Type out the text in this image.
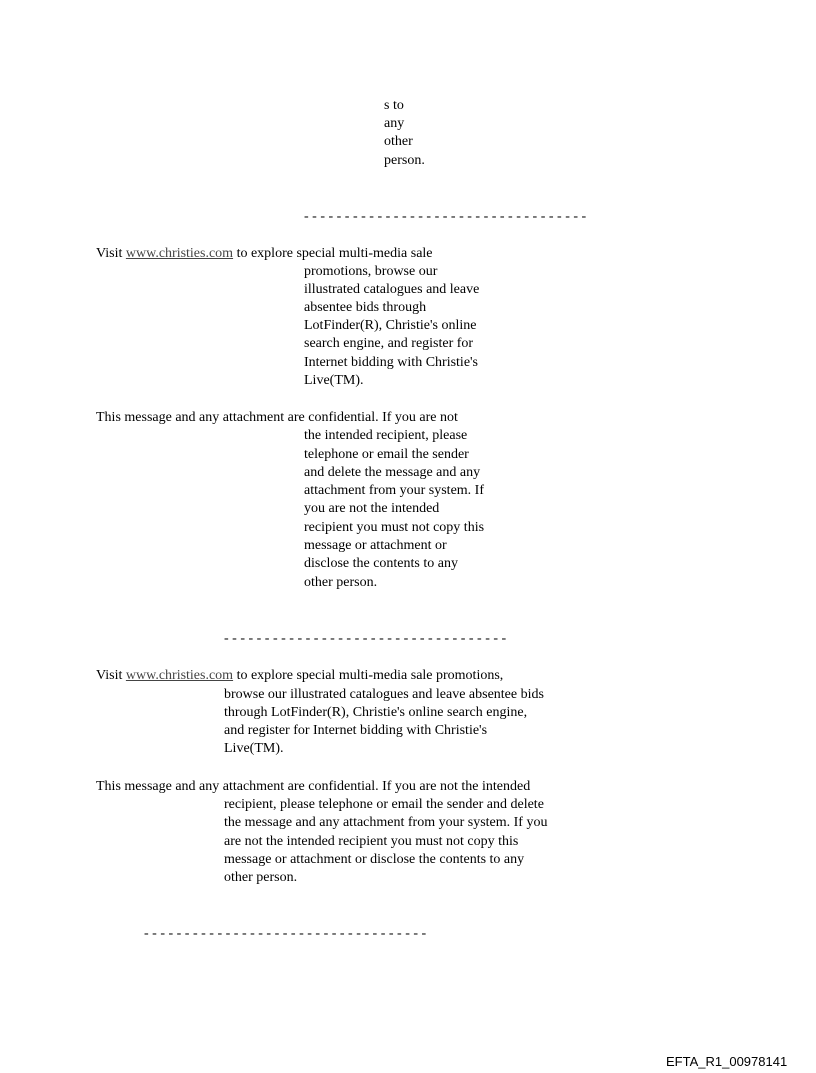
s to
any
other
person.
- - - - - - - - - - - - - - - - - - - - - - - - - - - - - - - - - - -
Visit www.christies.com to explore special multi-media sale
promotions, browse our
illustrated catalogues and leave
absentee bids through
LotFinder(R), Christie's online
search engine, and register for
Internet bidding with Christie's
Live(TM).
This message and any attachment are confidential. If you are not
the intended recipient, please
telephone or email the sender
and delete the message and any
attachment from your system. If
you are not the intended
recipient you must not copy this
message or attachment or
disclose the contents to any
other person.
- - - - - - - - - - - - - - - - - - - - - - - - - - - - - - - - - - -
Visit www.christies.com to explore special multi-media sale promotions,
browse our illustrated catalogues and leave absentee bids
through LotFinder(R), Christie's online search engine,
and register for Internet bidding with Christie's
Live(TM).
This message and any attachment are confidential. If you are not the intended
recipient, please telephone or email the sender and delete
the message and any attachment from your system. If you
are not the intended recipient you must not copy this
message or attachment or disclose the contents to any
other person.
- - - - - - - - - - - - - - - - - - - - - - - - - - - - - - - - - - -
EFTA_R1_00978141
